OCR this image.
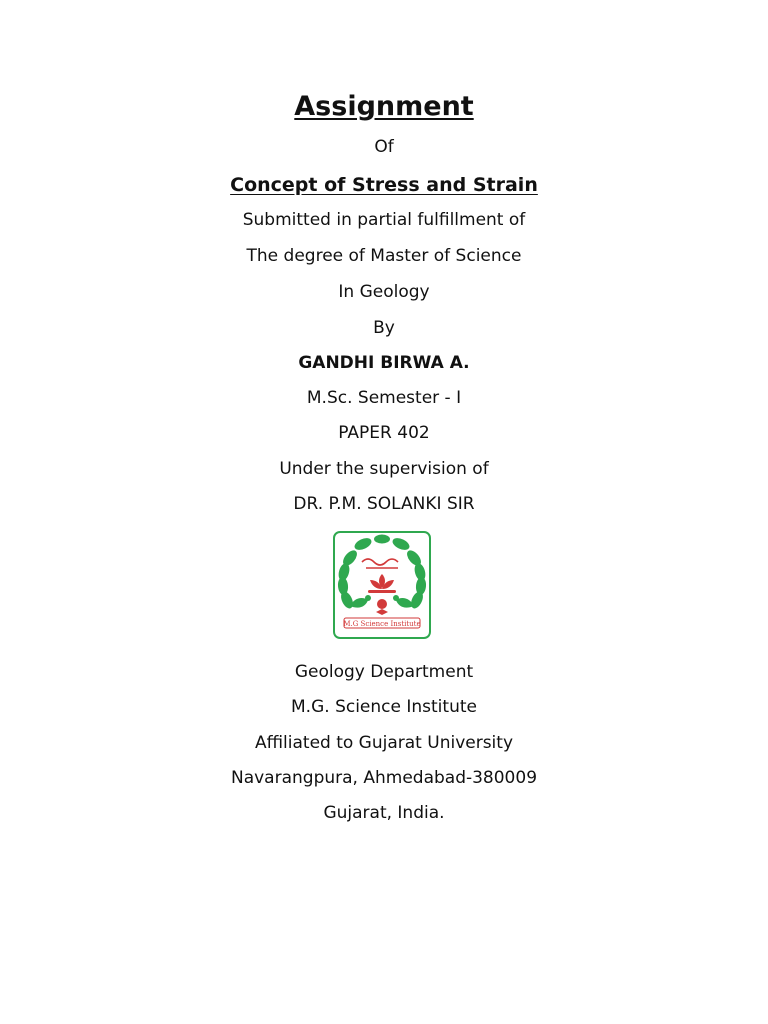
Assignment
Of
Concept of Stress and Strain
Submitted in partial fulfillment of
The degree of Master of Science
In Geology
By
GANDHI BIRWA A.
M.Sc. Semester - I
PAPER 402
Under the supervision of
DR. P.M. SOLANKI SIR
M.G Science Institute
Geology Department
M.G. Science Institute
Affiliated to Gujarat University
Navarangpura, Ahmedabad-380009
Gujarat, India.
